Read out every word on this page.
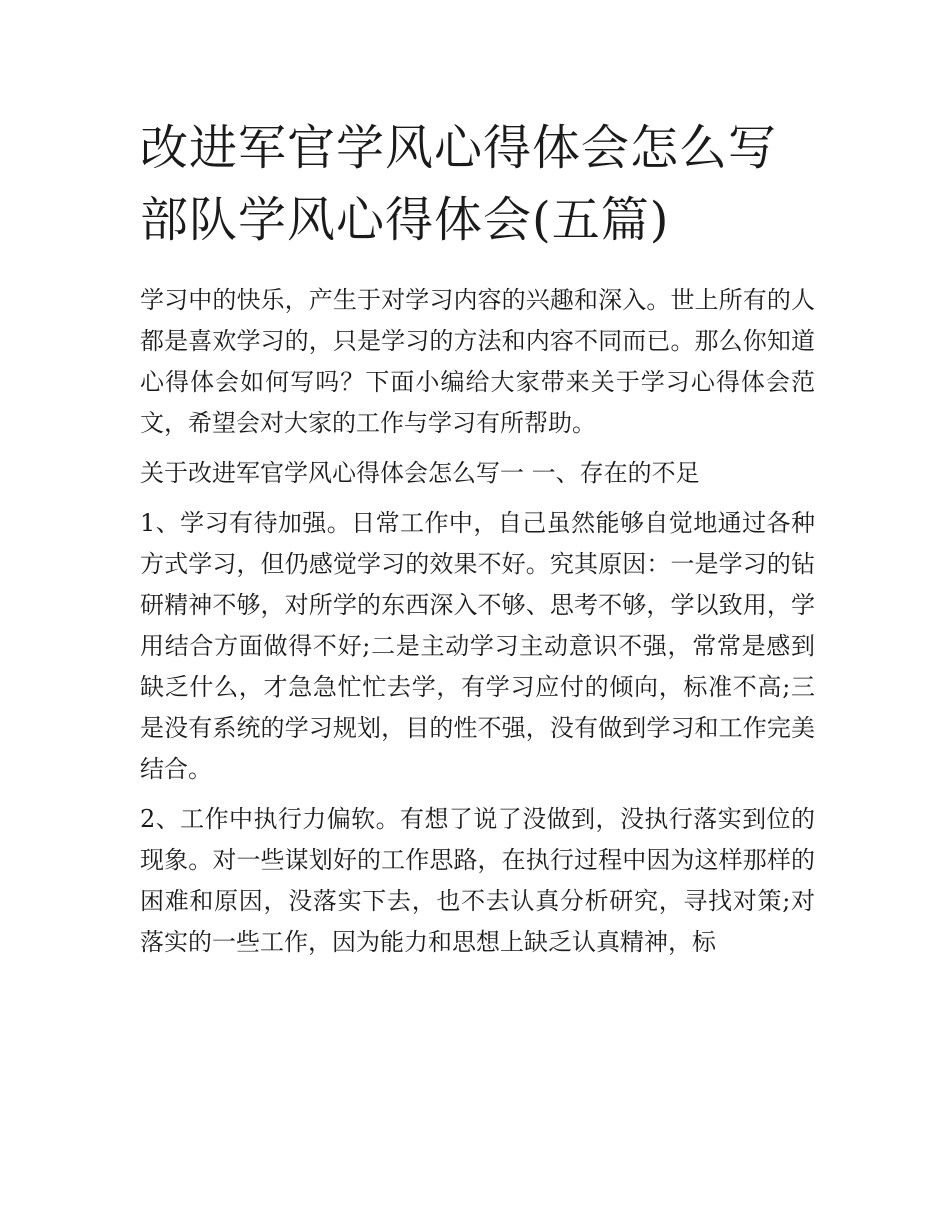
改进军官学风心得体会怎么写部队学风心得体会(五篇)

学习中的快乐，产生于对学习内容的兴趣和深入。世上所有的人都是喜欢学习的，只是学习的方法和内容不同而已。那么你知道心得体会如何写吗？下面小编给大家带来关于学习心得体会范文，希望会对大家的工作与学习有所帮助。

关于改进军官学风心得体会怎么写一 一、存在的不足

1、学习有待加强。日常工作中，自己虽然能够自觉地通过各种方式学习，但仍感觉学习的效果不好。究其原因：一是学习的钻研精神不够，对所学的东西深入不够、思考不够，学以致用，学用结合方面做得不好;二是主动学习主动意识不强，常常是感到缺乏什么，才急急忙忙去学，有学习应付的倾向，标准不高;三是没有系统的学习规划，目的性不强，没有做到学习和工作完美结合。

2、工作中执行力偏软。有想了说了没做到，没执行落实到位的现象。对一些谋划好的工作思路，在执行过程中因为这样那样的困难和原因，没落实下去，也不去认真分析研究，寻找对策;对落实的一些工作，因为能力和思想上缺乏认真精神，标
